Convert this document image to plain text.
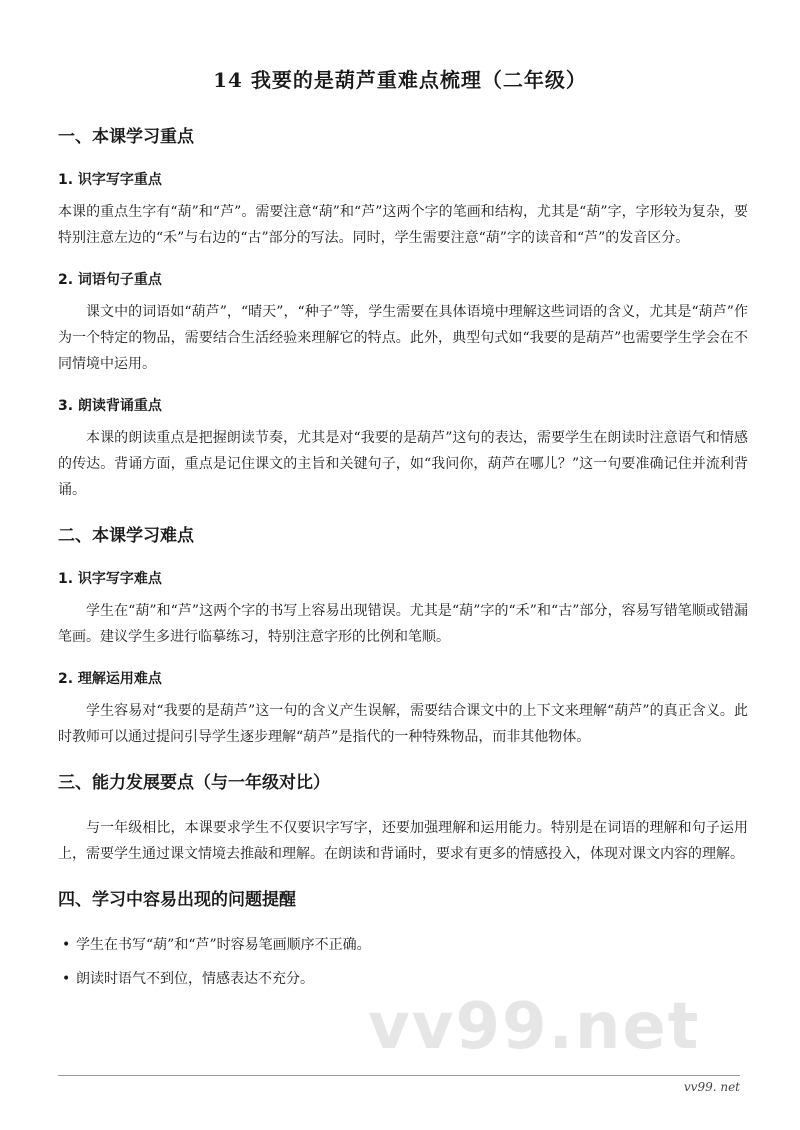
14 我要的是葫芦重难点梳理（二年级）
一、本课学习重点
1. 识字写字重点
本课的重点生字有“葫”和“芦”。需要注意“葫”和“芦”这两个字的笔画和结构，尤其是“葫”字，字形较为复杂，要特别注意左边的“禾”与右边的“古”部分的写法。同时，学生需要注意“葫”字的读音和“芦”的发音区分。
2. 词语句子重点
课文中的词语如“葫芦”，“晴天”，“种子”等，学生需要在具体语境中理解这些词语的含义，尤其是“葫芦”作为一个特定的物品，需要结合生活经验来理解它的特点。此外，典型句式如“我要的是葫芦”也需要学生学会在不同情境中运用。
3. 朗读背诵重点
本课的朗读重点是把握朗读节奏，尤其是对“我要的是葫芦”这句的表达，需要学生在朗读时注意语气和情感的传达。背诵方面，重点是记住课文的主旨和关键句子，如“我问你，葫芦在哪儿？”这一句要准确记住并流利背诵。
二、本课学习难点
1. 识字写字难点
学生在“葫”和“芦”这两个字的书写上容易出现错误。尤其是“葫”字的“禾”和“古”部分，容易写错笔顺或错漏笔画。建议学生多进行临摹练习，特别注意字形的比例和笔顺。
2. 理解运用难点
学生容易对“我要的是葫芦”这一句的含义产生误解，需要结合课文中的上下文来理解“葫芦”的真正含义。此时教师可以通过提问引导学生逐步理解“葫芦”是指代的一种特殊物品，而非其他物体。
三、能力发展要点（与一年级对比）
与一年级相比，本课要求学生不仅要识字写字，还要加强理解和运用能力。特别是在词语的理解和句子运用上，需要学生通过课文情境去推敲和理解。在朗读和背诵时，要求有更多的情感投入，体现对课文内容的理解。
四、学习中容易出现的问题提醒
• 学生在书写“葫”和“芦”时容易笔画顺序不正确。
• 朗读时语气不到位，情感表达不充分。
vv99.net
vv99. net
